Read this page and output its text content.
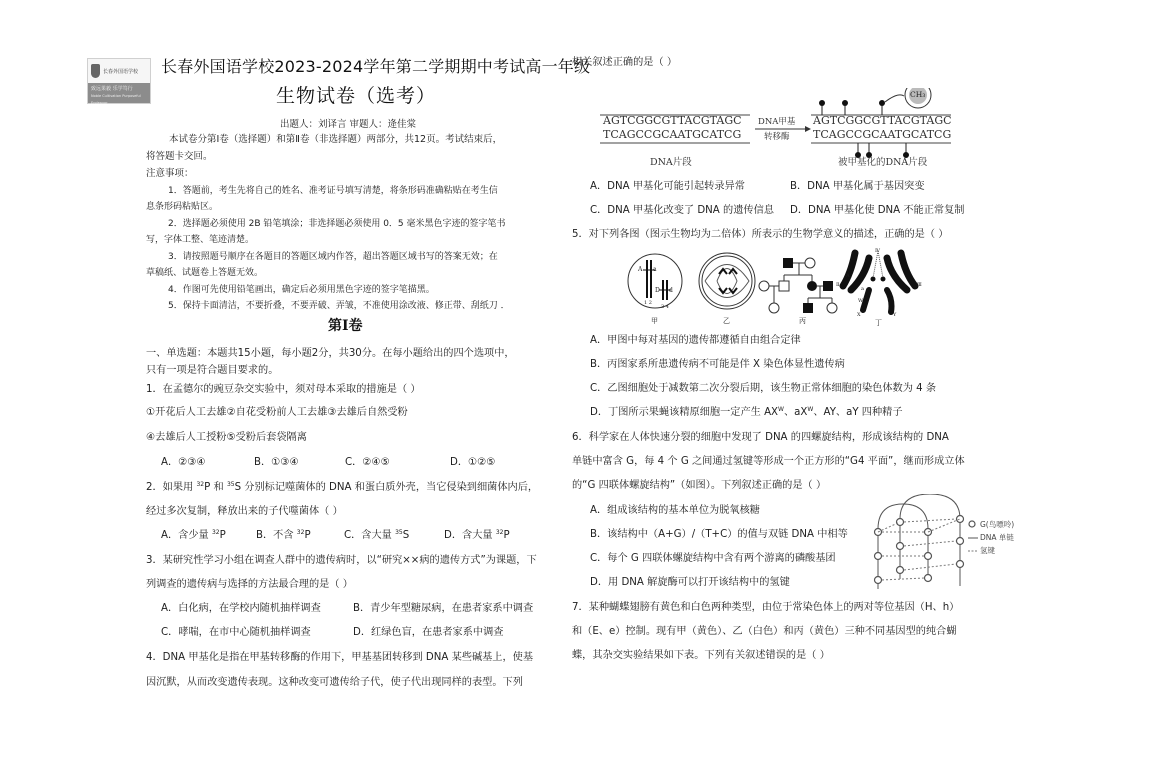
长春外国语学校
致远果毅 乐学笃行
Noble Cultivation Purposeful Endeavor
长春外国语学校2023-2024学年第二学期期中考试高一年级
生物试卷（选考）
出题人：刘译言 审题人：逄佳棠
本试卷分第Ⅰ卷（选择题）和第Ⅱ卷（非选择题）两部分，共12页。考试结束后，
将答题卡交回。
注意事项：
1．答题前，考生先将自己的姓名、准考证号填写清楚，将条形码准确粘贴在考生信
息条形码粘贴区。
2．选择题必须使用 2B 铅笔填涂；非选择题必须使用 0．5 毫米黑色字迹的签字笔书
写，字体工整、笔迹清楚。
3．请按照题号顺序在各题目的答题区域内作答，超出答题区域书写的答案无效；在
草稿纸、试题卷上答题无效。
4．作图可先使用铅笔画出，确定后必须用黑色字迹的签字笔描黑。
5．保持卡面清洁，不要折叠，不要弄破、弄皱，不准使用涂改液、修正带、刮纸刀 ．
第Ⅰ卷
一、单选题：本题共15小题，每小题2分，共30分。在每小题给出的四个选项中，
只有一项是符合题目要求的。
1．在孟德尔的豌豆杂交实验中，须对母本采取的措施是（ ）
①开花后人工去雄②自花受粉前人工去雄③去雄后自然受粉
④去雄后人工授粉⑤受粉后套袋隔离
A．②③④	B．①③④	C．②④⑤	D．①②⑤
2．如果用 $^{32}$P 和 $^{35}$S 分别标记噬菌体的 DNA 和蛋白质外壳，当它侵染到细菌体内后，
经过多次复制，释放出来的子代噬菌体（ ）
A．含少量 $^{32}$P	B．不含 $^{32}$P	C．含大量 $^{35}$S	D．含大量 $^{32}$P
3．某研究性学习小组在调查人群中的遗传病时，以“研究××病的遗传方式”为课题，下
列调查的遗传病与选择的方法最合理的是（ ）
A．白化病，在学校内随机抽样调查	B．青少年型糖尿病，在患者家系中调查
C．哮喘，在市中心随机抽样调查	D．红绿色盲，在患者家系中调查
4．DNA 甲基化是指在甲基转移酶的作用下，甲基基团转移到 DNA 某些碱基上，使基
因沉默，从而改变遗传表现。这种改变可遗传给子代，使子代出现同样的表型。下列
相关叙述正确的是（ ）
AGTCGGCGTTACGTAGC
TCAGCCGCAATGCATCG
AGTCGGCGTTACGTAGC
TCAGCCGCAATGCATCG
DNA甲基
转移酶
DNA片段	被甲基化的DNA片段
CH₃
A．DNA 甲基化可能引起转录异常	B．DNA 甲基化属于基因突变
C．DNA 甲基化改变了 DNA 的遗传信息 D．DNA 甲基化使 DNA 不能正常复制
5．对下列各图（图示生物均为二倍体）所表示的生物学意义的描述，正确的是（ ）
甲	乙	丙	丁
A a
D d
1 2
3 4
Ⅳ
Ⅱ	Ⅲ
A
a
W
X	Y
A．甲图中每对基因的遗传都遵循自由组合定律
B．丙图家系所患遗传病不可能是伴 X 染色体显性遗传病
C．乙图细胞处于减数第二次分裂后期，该生物正常体细胞的染色体数为 4 条
D．丁图所示果蝇该精原细胞一定产生 $AX^W$、$aX^W$、AY、aY 四种精子
6．科学家在人体快速分裂的细胞中发现了 DNA 的四螺旋结构，形成该结构的 DNA
单链中富含 G，每 4 个 G 之间通过氢键等形成一个正方形的“G4 平面”，继而形成立体
的“G 四联体螺旋结构”（如图）。下列叙述正确的是（ ）
A．组成该结构的基本单位为脱氧核糖
B．该结构中（A+G）/（T+C）的值与双链 DNA 中相等
C．每个 G 四联体螺旋结构中含有两个游离的磷酸基团
D．用 DNA 解旋酶可以打开该结构中的氢键
G(鸟嘌呤)
DNA 单链
氢键
7．某种蝴蝶翅膀有黄色和白色两种类型，由位于常染色体上的两对等位基因（H、h）
和（E、e）控制。现有甲（黄色）、乙（白色）和丙（黄色）三种不同基因型的纯合蝴
蝶，其杂交实验结果如下表。下列有关叙述错误的是（ ）
